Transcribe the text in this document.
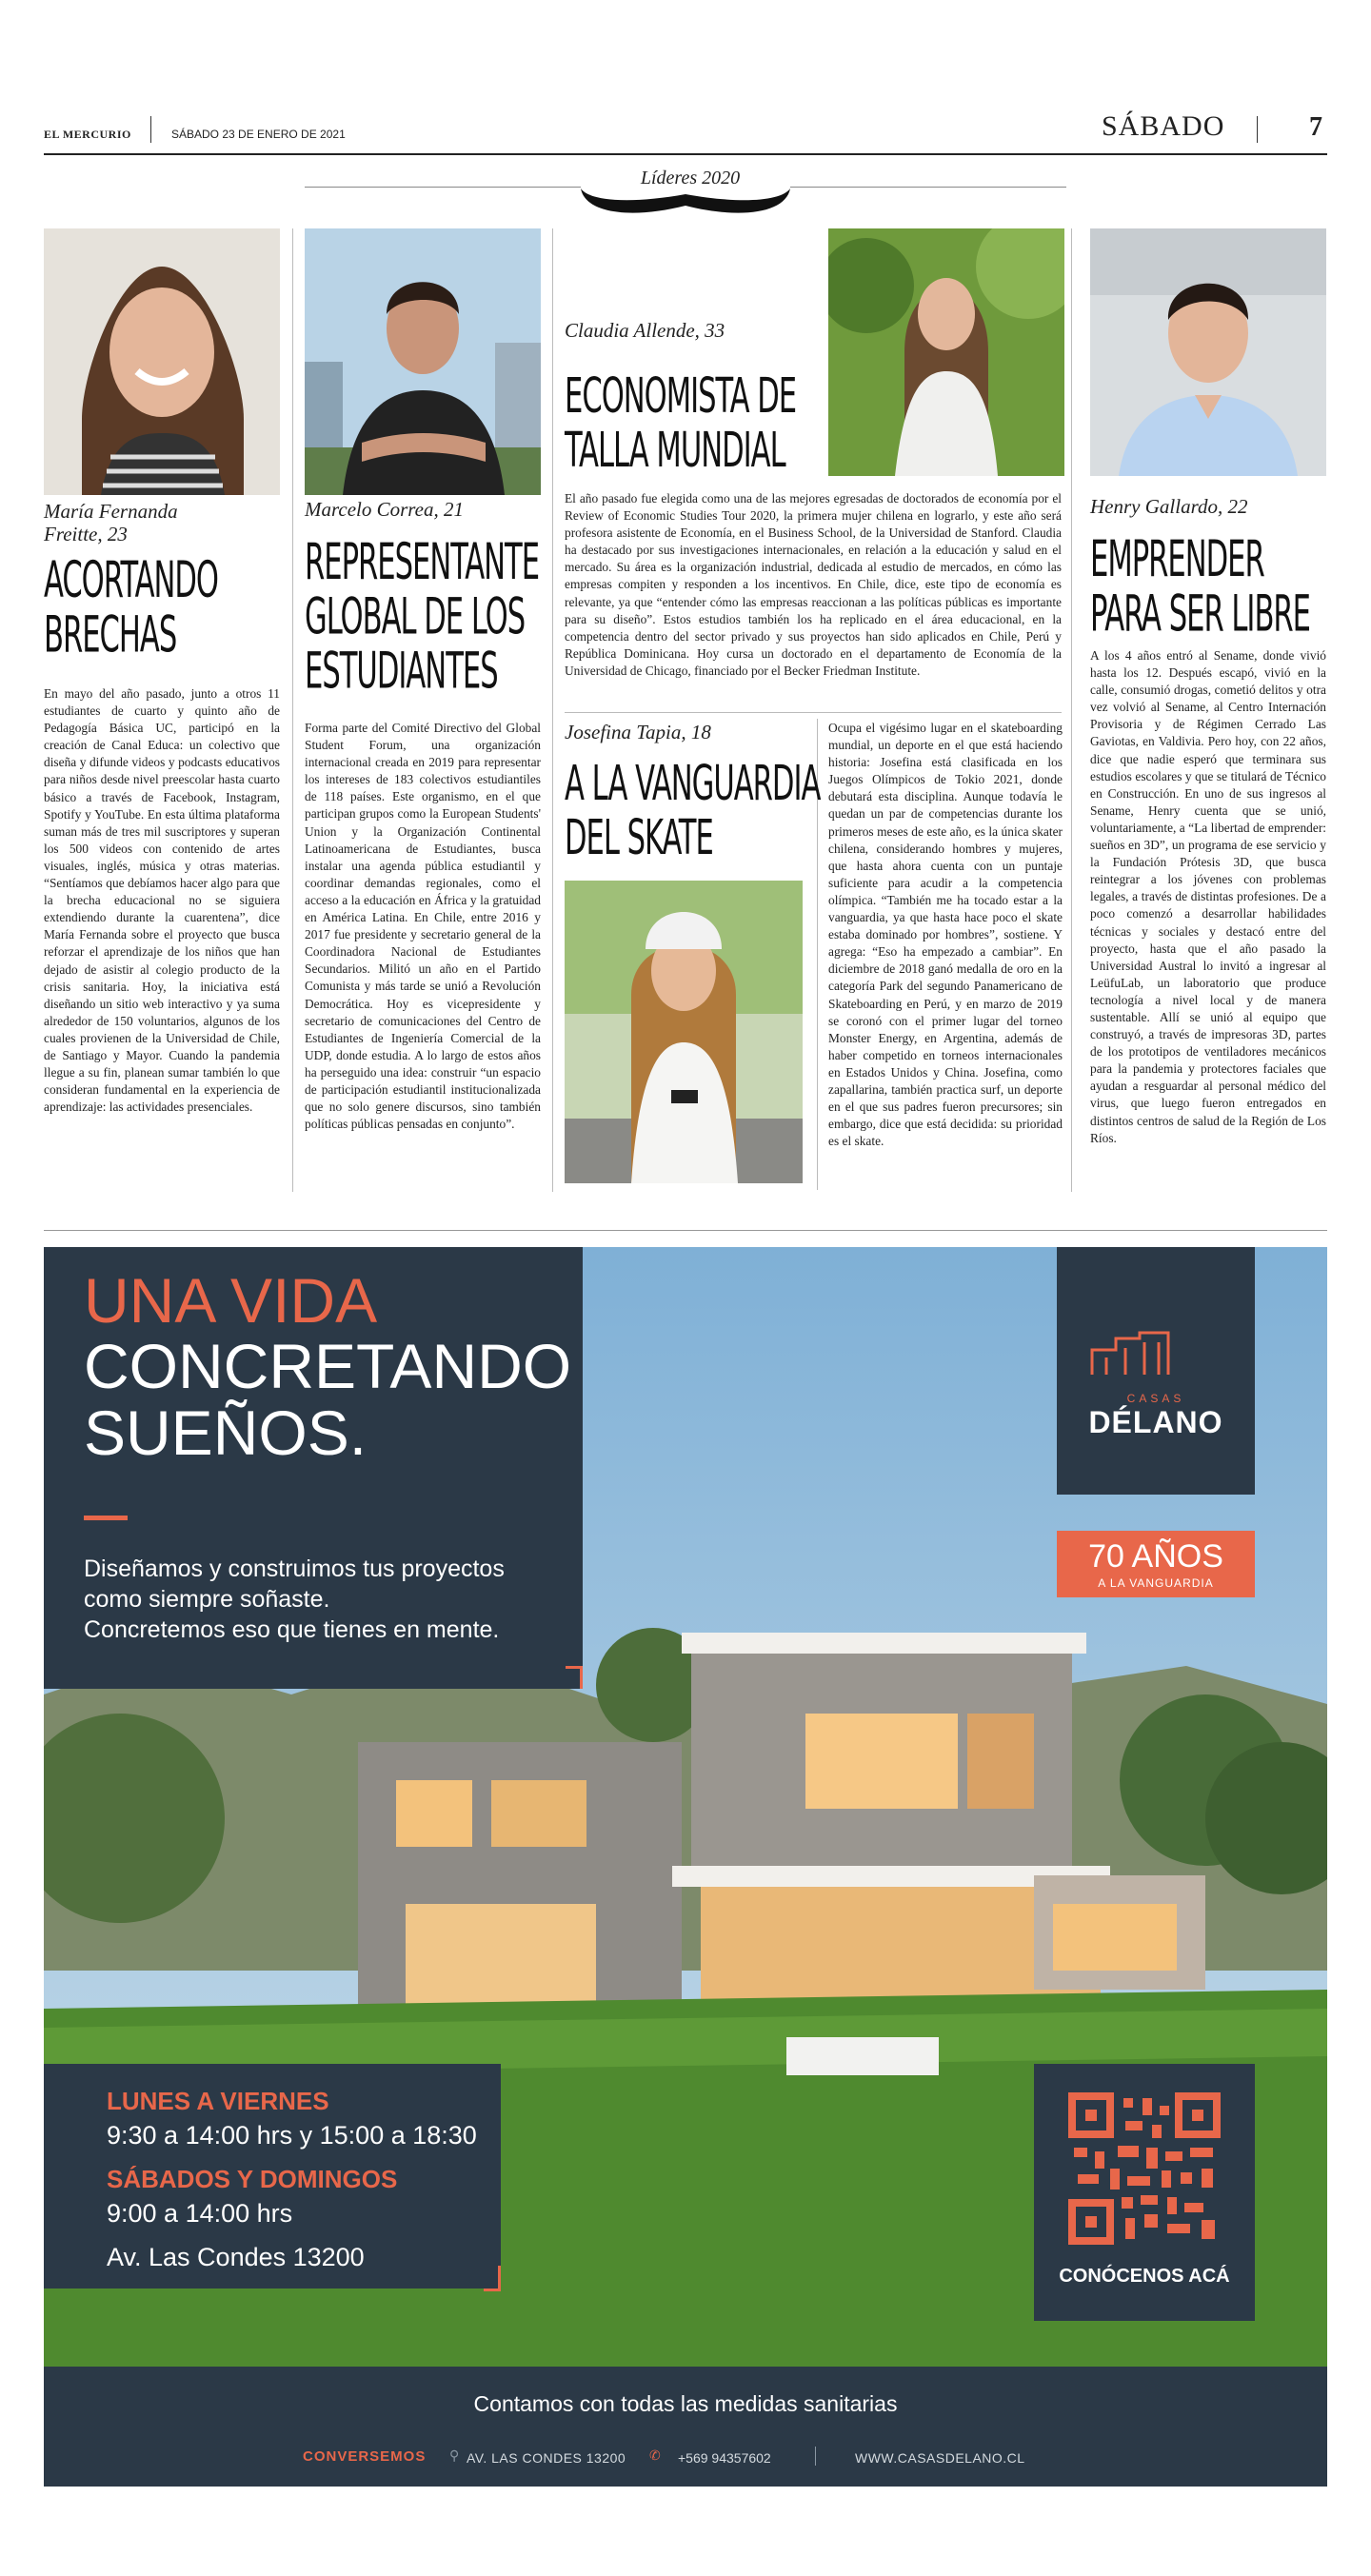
EL MERCURIO	SÁBADO 23 DE ENERO DE 2021	SÁBADO	7
Líderes 2020
María Fernanda Freitte, 23
ACORTANDO
BRECHAS
En mayo del año pasado, junto a otros 11 estudiantes de cuarto y quinto año de Pedagogía Básica UC, participó en la creación de Canal Educa: un colectivo que diseña y difunde videos y podcasts educativos para niños desde nivel preescolar hasta cuarto básico a través de Facebook, Instagram, Spotify y YouTube. En esta última plataforma suman más de tres mil suscriptores y superan los 500 videos con contenido de artes visuales, inglés, música y otras materias. “Sentíamos que debíamos hacer algo para que la brecha educacional no se siguiera extendiendo durante la cuarentena”, dice María Fernanda sobre el proyecto que busca reforzar el aprendizaje de los niños que han dejado de asistir al colegio producto de la crisis sanitaria. Hoy, la iniciativa está diseñando un sitio web interactivo y ya suma alrededor de 150 voluntarios, algunos de los cuales provienen de la Universidad de Chile, de Santiago y Mayor. Cuando la pandemia llegue a su fin, planean sumar también lo que consideran fundamental en la experiencia de aprendizaje: las actividades presenciales.
Marcelo Correa, 21
REPRESENTANTE
GLOBAL DE LOS
ESTUDIANTES
Forma parte del Comité Directivo del Global Student Forum, una organización internacional creada en 2019 para representar los intereses de 183 colectivos estudiantiles de 118 países. Este organismo, en el que participan grupos como la European Students' Union y la Organización Continental Latinoamericana de Estudiantes, busca instalar una agenda pública estudiantil y coordinar demandas regionales, como el acceso a la educación en África y la gratuidad en América Latina. En Chile, entre 2016 y 2017 fue presidente y secretario general de la Coordinadora Nacional de Estudiantes Secundarios. Militó un año en el Partido Comunista y más tarde se unió a Revolución Democrática. Hoy es vicepresidente y secretario de comunicaciones del Centro de Estudiantes de Ingeniería Comercial de la UDP, donde estudia. A lo largo de estos años ha perseguido una idea: construir “un espacio de participación estudiantil institucionalizada que no solo genere discursos, sino también políticas públicas pensadas en conjunto”.
Claudia Allende, 33
ECONOMISTA DE
TALLA MUNDIAL
El año pasado fue elegida como una de las mejores egresadas de doctorados de economía por el Review of Economic Studies Tour 2020, la primera mujer chilena en lograrlo, y este año será profesora asistente de Economía, en el Business School, de la Universidad de Stanford. Claudia ha destacado por sus investigaciones internacionales, en relación a la educación y salud en el mercado. Su área es la organización industrial, dedicada al estudio de mercados, en cómo las empresas compiten y responden a los incentivos. En Chile, dice, este tipo de economía es relevante, ya que “entender cómo las empresas reaccionan a las políticas públicas es importante para su diseño”. Estos estudios también los ha replicado en el área educacional, en la competencia dentro del sector privado y sus proyectos han sido aplicados en Chile, Perú y República Dominicana. Hoy cursa un doctorado en el departamento de Economía de la Universidad de Chicago, financiado por el Becker Friedman Institute.
Josefina Tapia, 18
A LA VANGUARDIA
DEL SKATE
Ocupa el vigésimo lugar en el skateboarding mundial, un deporte en el que está haciendo historia: Josefina está clasificada en los Juegos Olímpicos de Tokio 2021, donde debutará esta disciplina. Aunque todavía le quedan un par de competencias durante los primeros meses de este año, es la única skater chilena, considerando hombres y mujeres, que hasta ahora cuenta con un puntaje suficiente para acudir a la competencia olímpica. “También me ha tocado estar a la vanguardia, ya que hasta hace poco el skate estaba dominado por hombres”, sostiene. Y agrega: “Eso ha empezado a cambiar”. En diciembre de 2018 ganó medalla de oro en la categoría Park del segundo Panamericano de Skateboarding en Perú, y en marzo de 2019 se coronó con el primer lugar del torneo Monster Energy, en Argentina, además de haber competido en torneos internacionales en Estados Unidos y China. Josefina, como zapallarina, también practica surf, un deporte en el que sus padres fueron precursores; sin embargo, dice que está decidida: su prioridad es el skate.
Henry Gallardo, 22
EMPRENDER
PARA SER LIBRE
A los 4 años entró al Sename, donde vivió hasta los 12. Después escapó, vivió en la calle, consumió drogas, cometió delitos y otra vez volvió al Sename, al Centro Internación Provisoria y de Régimen Cerrado Las Gaviotas, en Valdivia. Pero hoy, con 22 años, dice que nadie esperó que terminara sus estudios escolares y que se titulará de Técnico en Construcción. En uno de sus ingresos al Sename, Henry cuenta que se unió, voluntariamente, a “La libertad de emprender: sueños en 3D”, un programa de ese servicio y la Fundación Prótesis 3D, que busca reintegrar a los jóvenes con problemas legales, a través de distintas profesiones. De a poco comenzó a desarrollar habilidades técnicas y sociales y destacó entre del proyecto, hasta que el año pasado la Universidad Austral lo invitó a ingresar al LeüfuLab, un laboratorio que produce tecnología a nivel local y de manera sustentable. Allí se unió al equipo que construyó, a través de impresoras 3D, partes de los prototipos de ventiladores mecánicos para la pandemia y protectores faciales que ayudan a resguardar al personal médico del virus, que luego fueron entregados en distintos centros de salud de la Región de Los Ríos.
UNA VIDA
CONCRETANDO
SUEÑOS.
Diseñamos y construimos tus proyectos
como siempre soñaste.
Concretemos eso que tienes en mente.
CASAS
DÉLANO
70 AÑOS
A LA VANGUARDIA
LUNES A VIERNES
9:30 a 14:00 hrs y 15:00 a 18:30
SÁBADOS Y DOMINGOS
9:00 a 14:00 hrs
Av. Las Condes 13200
CONÓCENOS ACÁ
Contamos con todas las medidas sanitarias
CONVERSEMOS ⚲ AV. LAS CONDES 13200 ✆ +569 94357602	WWW.CASASDELANO.CL
